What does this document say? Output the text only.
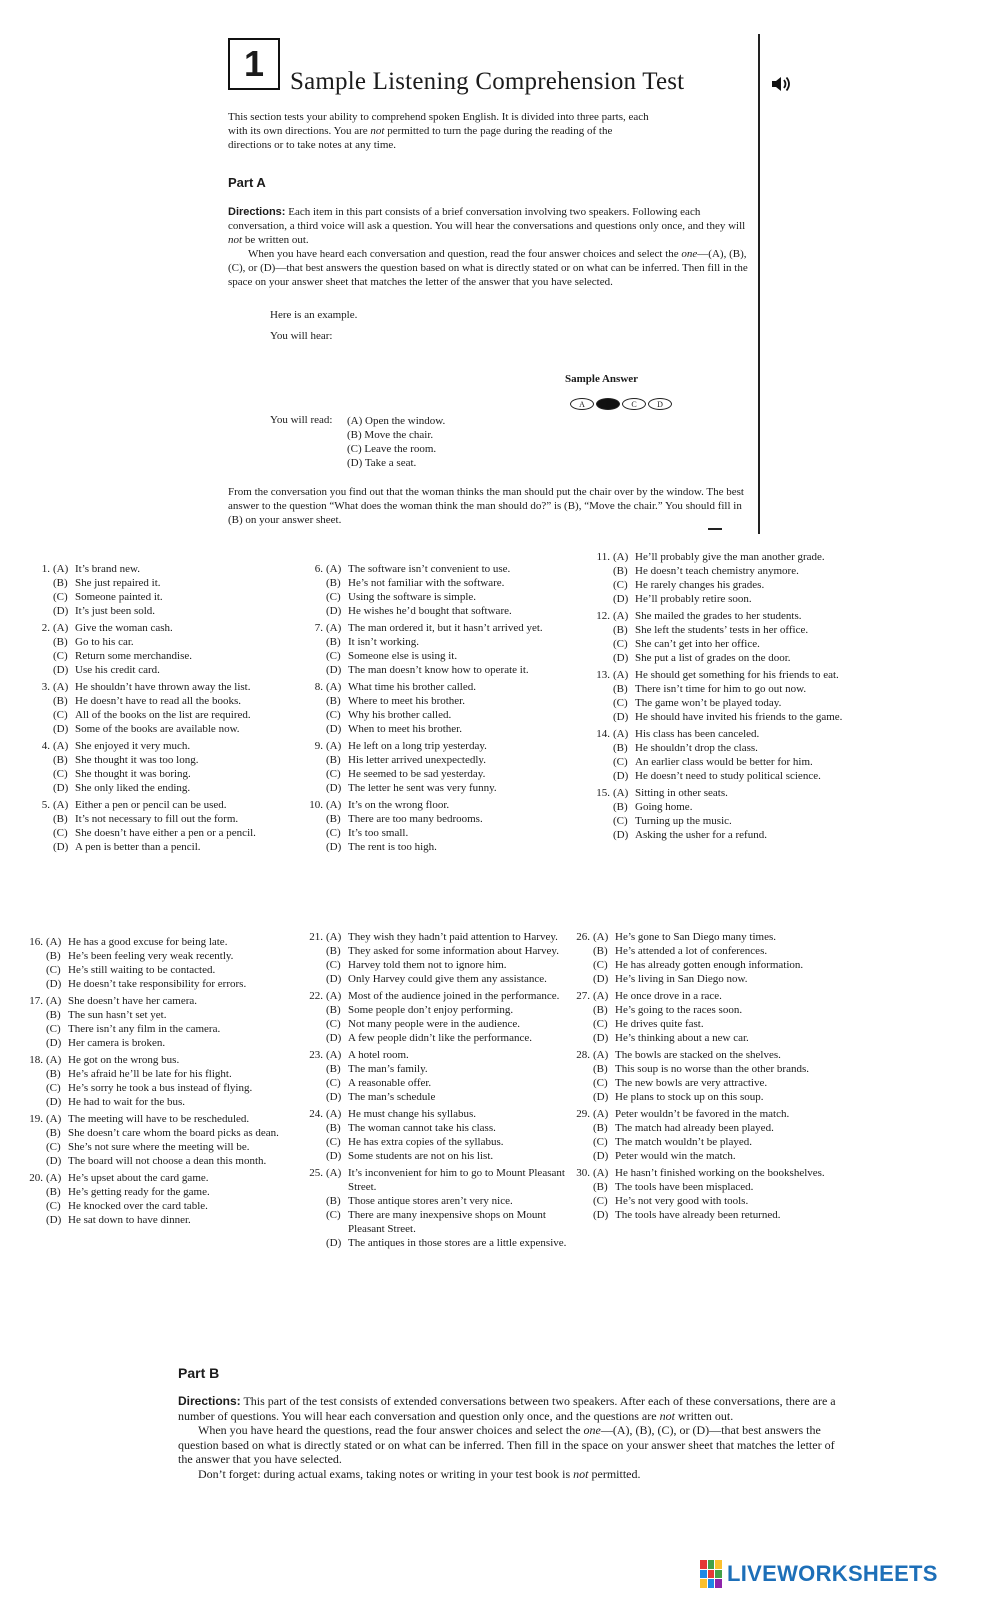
1 Sample Listening Comprehension Test

This section tests your ability to comprehend spoken English. It is divided into three parts, each

with its own directions. You are not permitted to turn the page during the reading of the

directions or to take notes at any time.

Part A

Directions: Each item in this part consists of a brief conversation involving two speakers. Following each conversation, a third voice will ask a question. You will hear the conversations and questions only once, and they will not be written out.

When you have heard each conversation and question, read the four answer choices and select the one—(A), (B), (C), or (D)—that best answers the question based on what is directly stated or on what can be inferred. Then fill in the space on your answer sheet that matches the letter of the answer that you have selected.

Here is an example.
You will hear:
Sample Answer
A	B	C	D
You will read: (A) Open the window.
(B) Move the chair.
(C) Leave the room.
(D) Take a seat.

From the conversation you find out that the woman thinks the man should put the chair over by the window. The best answer to the question “What does the woman think the man should do?” is (B), “Move the chair.” You should fill in (B) on your answer sheet.

1. (A) It’s brand new.
(B) She just repaired it.
(C) Someone painted it.
(D) It’s just been sold.
2. (A) Give the woman cash.
(B) Go to his car.
(C) Return some merchandise.
(D) Use his credit card.
3. (A) He shouldn’t have thrown away the list.
(B) He doesn’t have to read all the books.
(C) All of the books on the list are required.
(D) Some of the books are available now.
4. (A) She enjoyed it very much.
(B) She thought it was too long.
(C) She thought it was boring.
(D) She only liked the ending.
5. (A) Either a pen or pencil can be used.
(B) It’s not necessary to fill out the form.
(C) She doesn’t have either a pen or a pencil.
(D) A pen is better than a pencil.
6. (A) The software isn’t convenient to use.
(B) He’s not familiar with the software.
(C) Using the software is simple.
(D) He wishes he’d bought that software.
7. (A) The man ordered it, but it hasn’t arrived yet.
(B) It isn’t working.
(C) Someone else is using it.
(D) The man doesn’t know how to operate it.
8. (A) What time his brother called.
(B) Where to meet his brother.
(C) Why his brother called.
(D) When to meet his brother.
9. (A) He left on a long trip yesterday.
(B) His letter arrived unexpectedly.
(C) He seemed to be sad yesterday.
(D) The letter he sent was very funny.
10. (A) It’s on the wrong floor.
(B) There are too many bedrooms.
(C) It’s too small.
(D) The rent is too high.
11. (A) He’ll probably give the man another grade.
(B) He doesn’t teach chemistry anymore.
(C) He rarely changes his grades.
(D) He’ll probably retire soon.
12. (A) She mailed the grades to her students.
(B) She left the students’ tests in her office.
(C) She can’t get into her office.
(D) She put a list of grades on the door.
13. (A) He should get something for his friends to eat.
(B) There isn’t time for him to go out now.
(C) The game won’t be played today.
(D) He should have invited his friends to the game.
14. (A) His class has been canceled.
(B) He shouldn’t drop the class.
(C) An earlier class would be better for him.
(D) He doesn’t need to study political science.
15. (A) Sitting in other seats.
(B) Going home.
(C) Turning up the music.
(D) Asking the usher for a refund.
16. (A) He has a good excuse for being late.
(B) He’s been feeling very weak recently.
(C) He’s still waiting to be contacted.
(D) He doesn’t take responsibility for errors.
17. (A) She doesn’t have her camera.
(B) The sun hasn’t set yet.
(C) There isn’t any film in the camera.
(D) Her camera is broken.
18. (A) He got on the wrong bus.
(B) He’s afraid he’ll be late for his flight.
(C) He’s sorry he took a bus instead of flying.
(D) He had to wait for the bus.
19. (A) The meeting will have to be rescheduled.
(B) She doesn’t care whom the board picks as dean.
(C) She’s not sure where the meeting will be.
(D) The board will not choose a dean this month.
20. (A) He’s upset about the card game.
(B) He’s getting ready for the game.
(C) He knocked over the card table.
(D) He sat down to have dinner.
21. (A) They wish they hadn’t paid attention to Harvey.
(B) They asked for some information about Harvey.
(C) Harvey told them not to ignore him.
(D) Only Harvey could give them any assistance.
22. (A) Most of the audience joined in the performance.
(B) Some people don’t enjoy performing.
(C) Not many people were in the audience.
(D) A few people didn’t like the performance.
23. (A) A hotel room.
(B) The man’s family.
(C) A reasonable offer.
(D) The man’s schedule
24. (A) He must change his syllabus.
(B) The woman cannot take his class.
(C) He has extra copies of the syllabus.
(D) Some students are not on his list.
25. (A) It’s inconvenient for him to go to Mount Pleasant Street.
(B) Those antique stores aren’t very nice.
(C) There are many inexpensive shops on Mount Pleasant Street.
(D) The antiques in those stores are a little expensive.
26. (A) He’s gone to San Diego many times.
(B) He’s attended a lot of conferences.
(C) He has already gotten enough information.
(D) He’s living in San Diego now.
27. (A) He once drove in a race.
(B) He’s going to the races soon.
(C) He drives quite fast.
(D) He’s thinking about a new car.
28. (A) The bowls are stacked on the shelves.
(B) This soup is no worse than the other brands.
(C) The new bowls are very attractive.
(D) He plans to stock up on this soup.
29. (A) Peter wouldn’t be favored in the match.
(B) The match had already been played.
(C) The match wouldn’t be played.
(D) Peter would win the match.
30. (A) He hasn’t finished working on the bookshelves.
(B) The tools have been misplaced.
(C) He’s not very good with tools.
(D) The tools have already been returned.
Part B

Directions: This part of the test consists of extended conversations between two speakers. After each of these conversations, there are a number of questions. You will hear each conversation and question only once, and the questions are not written out.

When you have heard the questions, read the four answer choices and select the one—(A), (B), (C), or (D)—that best answers the question based on what is directly stated or on what can be inferred. Then fill in the space on your answer sheet that matches the letter of the answer that you have selected.

Don’t forget: during actual exams, taking notes or writing in your test book is not permitted.

LIVEWORKSHEETS
